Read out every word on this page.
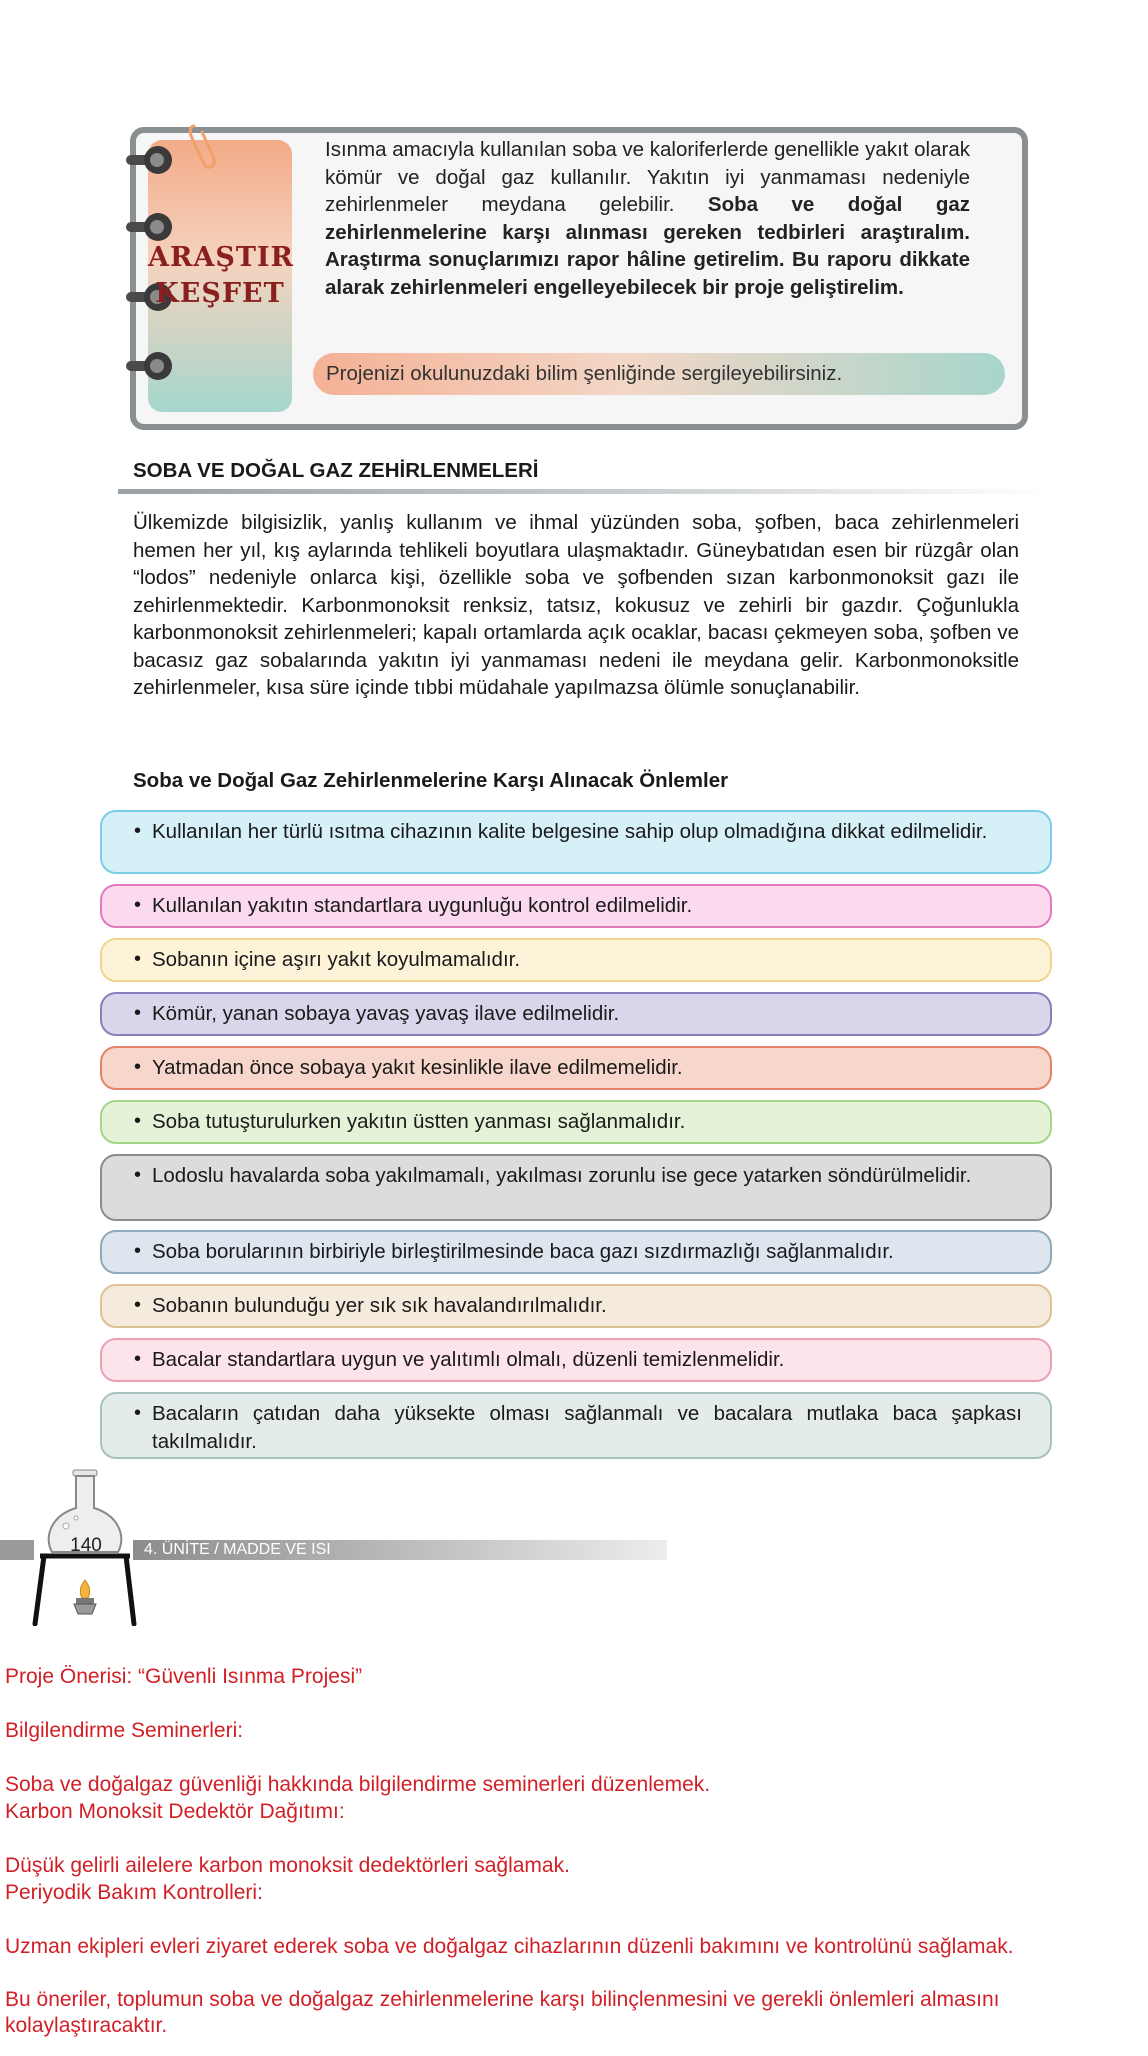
ARAŞTIR
KEŞFET
Isınma amacıyla kullanılan soba ve kaloriferlerde genellikle yakıt olarak kömür ve doğal gaz kullanılır. Yakıtın iyi yanmaması nedeniyle zehirlenmeler meydana gelebilir. Soba ve doğal gaz zehirlenmelerine karşı alınması gereken tedbirleri araştıralım. Araştırma sonuçlarımızı rapor hâline getirelim. Bu raporu dikkate alarak zehirlenmeleri engelleyebilecek bir proje geliştirelim.
Projenizi okulunuzdaki bilim şenliğinde sergileyebilirsiniz.
SOBA VE DOĞAL GAZ ZEHİRLENMELERİ
Ülkemizde bilgisizlik, yanlış kullanım ve ihmal yüzünden soba, şofben, baca zehirlenmeleri hemen her yıl, kış aylarında tehlikeli boyutlara ulaşmaktadır. Güneybatıdan esen bir rüzgâr olan “lodos” nedeniyle onlarca kişi, özellikle soba ve şofbenden sızan karbonmonoksit gazı ile zehirlenmektedir. Karbonmonoksit renksiz, tatsız, kokusuz ve zehirli bir gazdır. Çoğunlukla karbonmonoksit zehirlenmeleri; kapalı ortamlarda açık ocaklar, bacası çekmeyen soba, şofben ve bacasız gaz sobalarında yakıtın iyi yanmaması nedeni ile meydana gelir. Karbonmonoksitle zehirlenmeler, kısa süre içinde tıbbi müdahale yapılmazsa ölümle sonuçlanabilir.
Soba ve Doğal Gaz Zehirlenmelerine Karşı Alınacak Önlemler
• Kullanılan her türlü ısıtma cihazının kalite belgesine sahip olup olmadığına dikkat edilmelidir.
• Kullanılan yakıtın standartlara uygunluğu kontrol edilmelidir.
• Sobanın içine aşırı yakıt koyulmamalıdır.
• Kömür, yanan sobaya yavaş yavaş ilave edilmelidir.
• Yatmadan önce sobaya yakıt kesinlikle ilave edilmemelidir.
• Soba tutuşturulurken yakıtın üstten yanması sağlanmalıdır.
• Lodoslu havalarda soba yakılmamalı, yakılması zorunlu ise gece yatarken söndürülmelidir.
• Soba borularının birbiriyle birleştirilmesinde baca gazı sızdırmazlığı sağlanmalıdır.
• Sobanın bulunduğu yer sık sık havalandırılmalıdır.
• Bacalar standartlara uygun ve yalıtımlı olmalı, düzenli temizlenmelidir.
• Bacaların çatıdan daha yüksekte olması sağlanmalı ve bacalara mutlaka baca şapkası takılmalıdır.
140	4. ÜNİTE / MADDE VE ISI
Proje Önerisi: “Güvenli Isınma Projesi”
Bilgilendirme Seminerleri:
Soba ve doğalgaz güvenliği hakkında bilgilendirme seminerleri düzenlemek.
Karbon Monoksit Dedektör Dağıtımı:
Düşük gelirli ailelere karbon monoksit dedektörleri sağlamak.
Periyodik Bakım Kontrolleri:
Uzman ekipleri evleri ziyaret ederek soba ve doğalgaz cihazlarının düzenli bakımını ve kontrolünü sağlamak.
Bu öneriler, toplumun soba ve doğalgaz zehirlenmelerine karşı bilinçlenmesini ve gerekli önlemleri almasını kolaylaştıracaktır.
